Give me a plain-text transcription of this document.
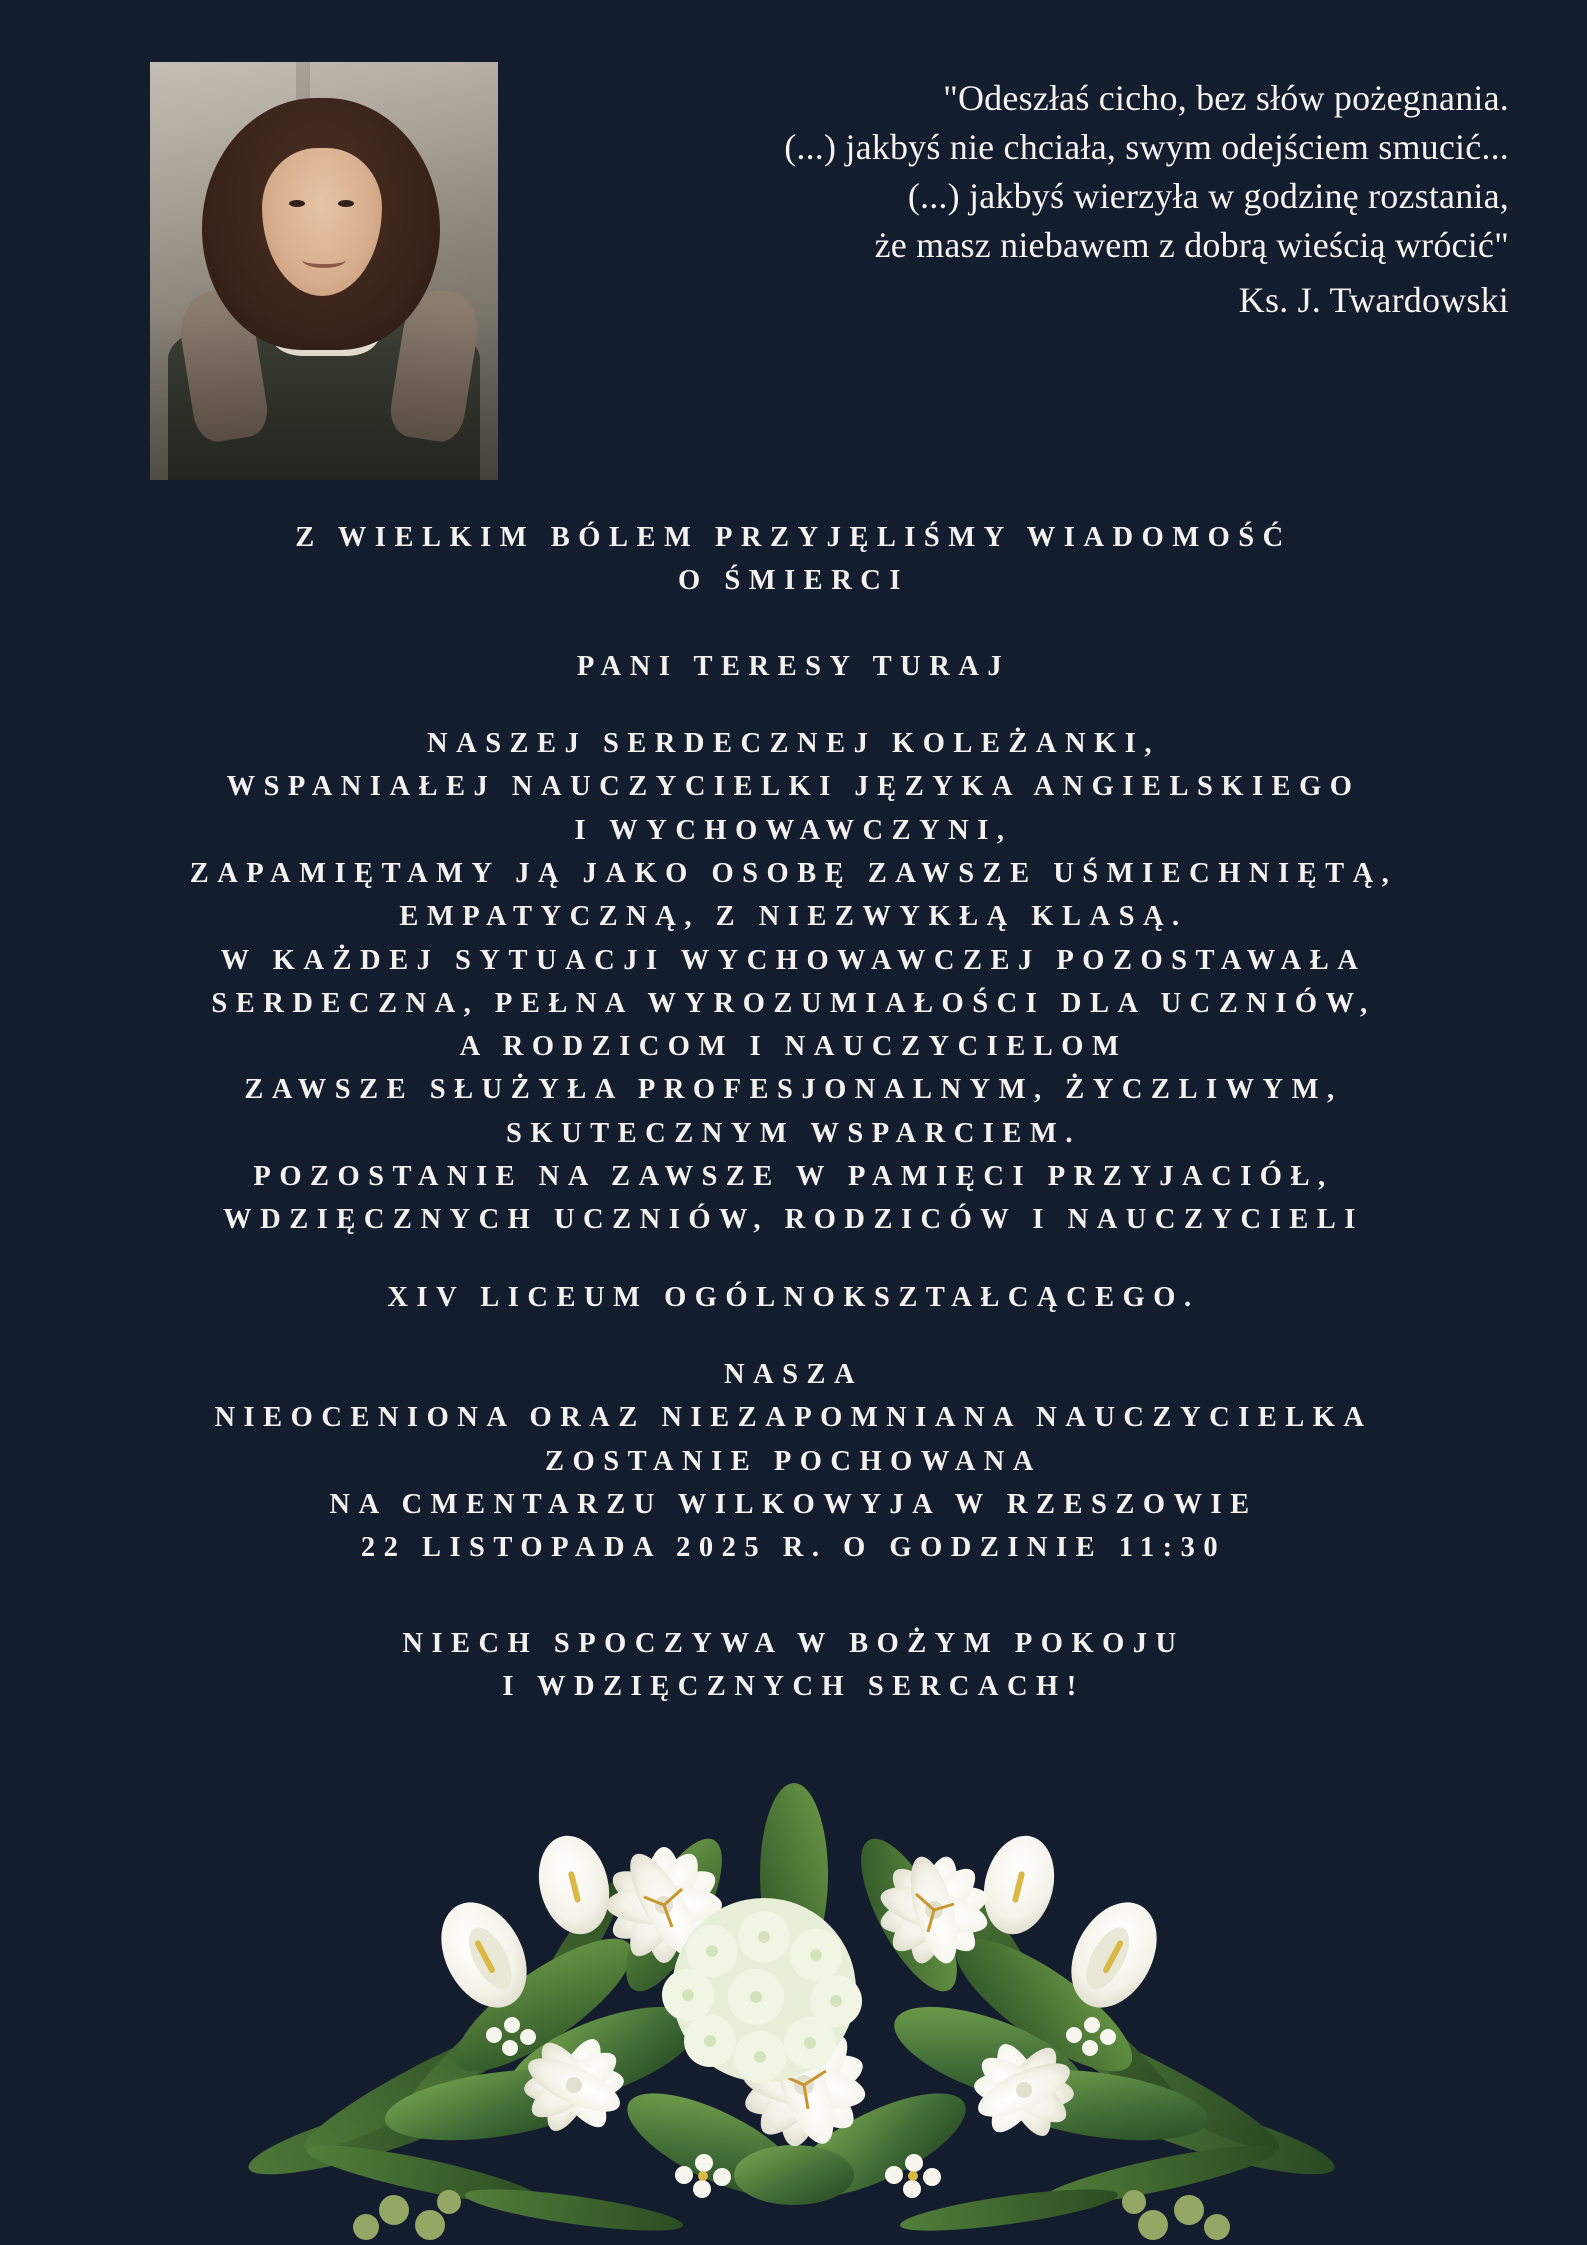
"Odeszłaś cicho, bez słów pożegnania.
(...) jakbyś nie chciała, swym odejściem smucić...
(...) jakbyś wierzyła w godzinę rozstania,
że masz niebawem z dobrą wieścią wrócić"
Ks. J. Twardowski
Z WIELKIM BÓLEM PRZYJĘLIŚMY WIADOMOŚĆ
O ŚMIERCI
PANI TERESY TURAJ
NASZEJ SERDECZNEJ KOLEŻANKI,
WSPANIAŁEJ NAUCZYCIELKI JĘZYKA ANGIELSKIEGO
I WYCHOWAWCZYNI,
ZAPAMIĘTAMY JĄ JAKO OSOBĘ ZAWSZE UŚMIECHNIĘTĄ,
EMPATYCZNĄ, Z NIEZWYKŁĄ KLASĄ.
W KAŻDEJ SYTUACJI WYCHOWAWCZEJ POZOSTAWAŁA
SERDECZNA, PEŁNA WYROZUMIAŁOŚCI DLA UCZNIÓW,
A RODZICOM I NAUCZYCIELOM
ZAWSZE SŁUŻYŁA PROFESJONALNYM, ŻYCZLIWYM,
SKUTECZNYM WSPARCIEM.
POZOSTANIE NA ZAWSZE W PAMIĘCI PRZYJACIÓŁ,
WDZIĘCZNYCH UCZNIÓW, RODZICÓW I NAUCZYCIELI
XIV LICEUM OGÓLNOKSZTAŁCĄCEGO.
NASZA
NIEOCENIONA ORAZ NIEZAPOMNIANA NAUCZYCIELKA
ZOSTANIE POCHOWANA
NA CMENTARZU WILKOWYJA W RZESZOWIE
22 LISTOPADA 2025 R. O GODZINIE 11:30
NIECH SPOCZYWA W BOŻYM POKOJU
I WDZIĘCZNYCH SERCACH!
